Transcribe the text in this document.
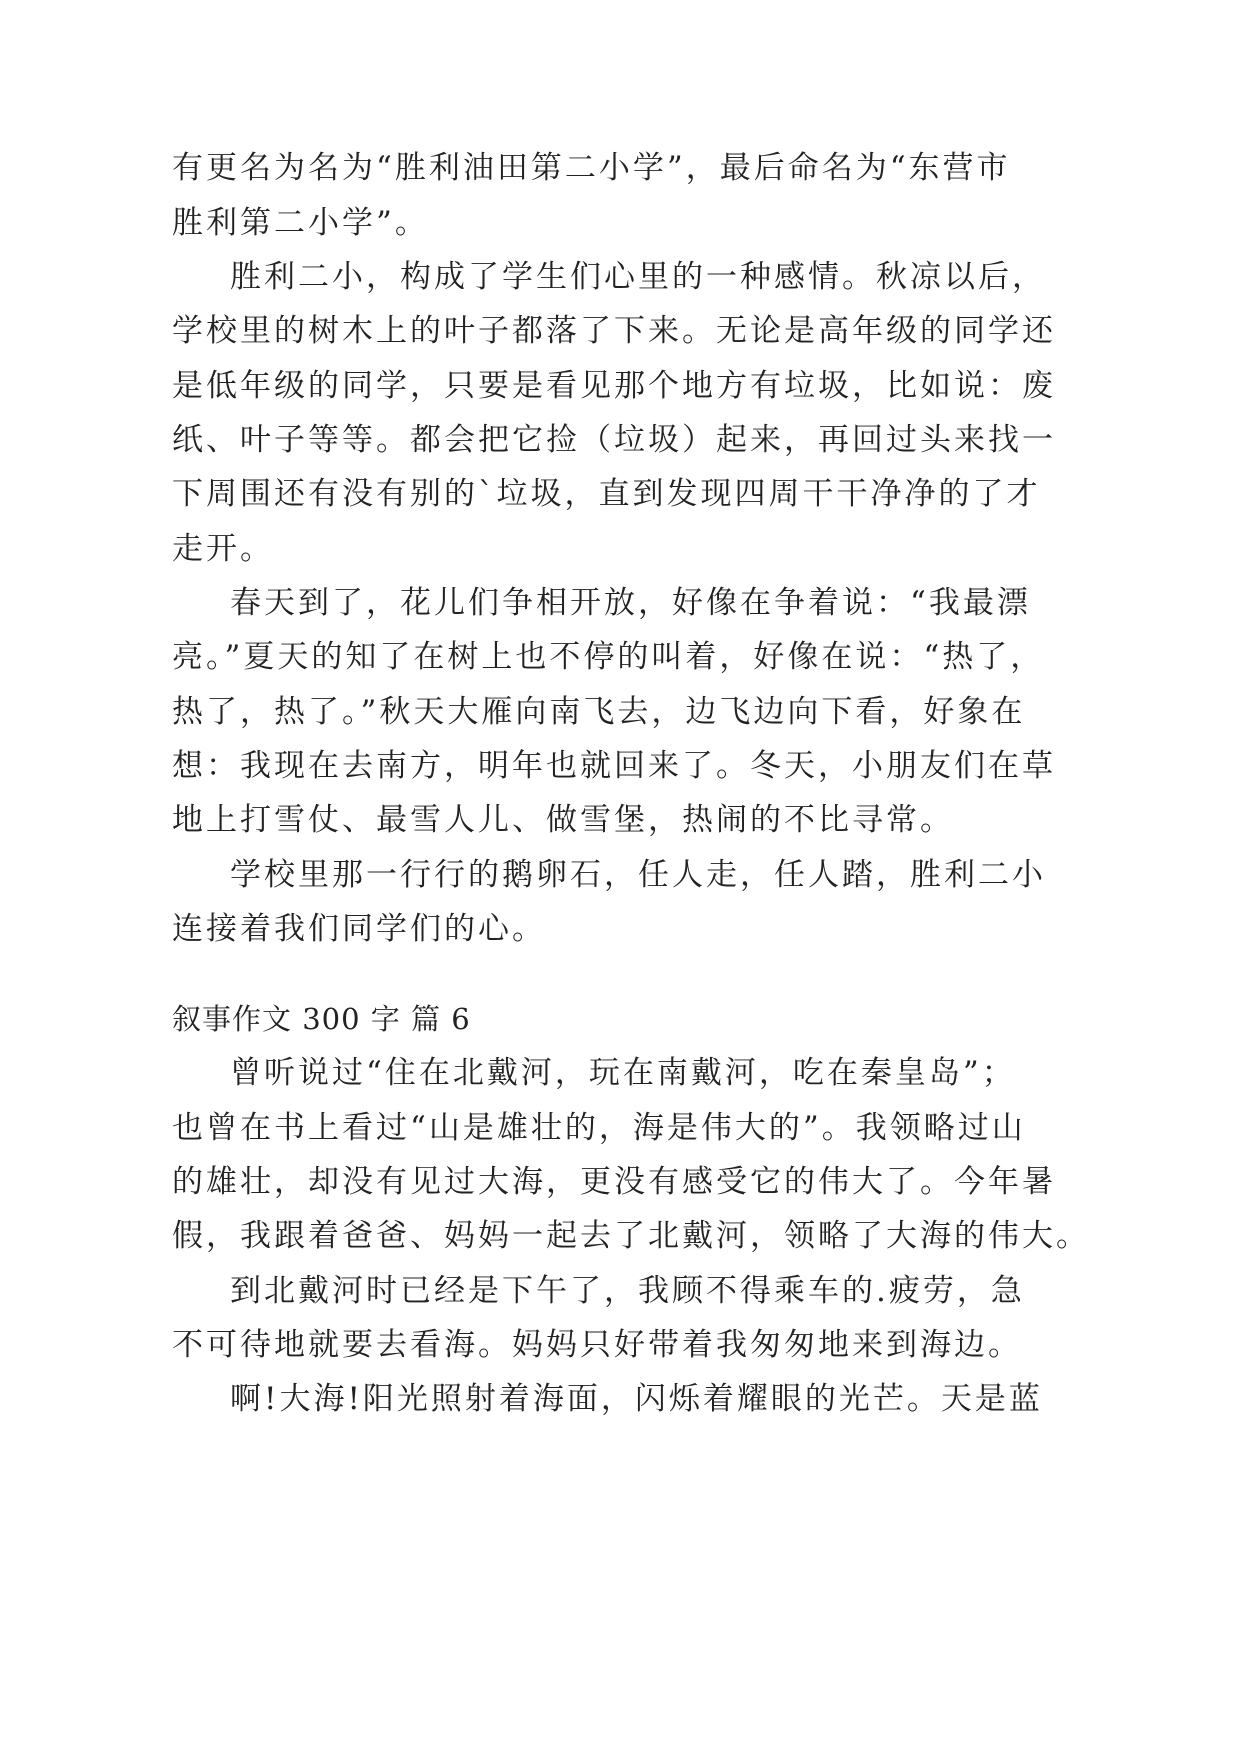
有更名为名为“胜利油田第二小学”，最后命名为“东营市
胜利第二小学”。
胜利二小，构成了学生们心里的一种感情。秋凉以后，
学校里的树木上的叶子都落了下来。无论是高年级的同学还
是低年级的同学，只要是看见那个地方有垃圾，比如说：废
纸、叶子等等。都会把它捡（垃圾）起来，再回过头来找一
下周围还有没有别的`垃圾，直到发现四周干干净净的了才
走开。
春天到了，花儿们争相开放，好像在争着说：“我最漂
亮。”夏天的知了在树上也不停的叫着，好像在说：“热了，
热了，热了。”秋天大雁向南飞去，边飞边向下看，好象在
想：我现在去南方，明年也就回来了。冬天，小朋友们在草
地上打雪仗、最雪人儿、做雪堡，热闹的不比寻常。
学校里那一行行的鹅卵石，任人走，任人踏，胜利二小
连接着我们同学们的心。
叙事作文 300 字 篇 6
曾听说过“住在北戴河，玩在南戴河，吃在秦皇岛”；
也曾在书上看过“山是雄壮的，海是伟大的”。我领略过山
的雄壮，却没有见过大海，更没有感受它的伟大了。今年暑
假，我跟着爸爸、妈妈一起去了北戴河，领略了大海的伟大。
到北戴河时已经是下午了，我顾不得乘车的.疲劳，急
不可待地就要去看海。妈妈只好带着我匆匆地来到海边。
啊!大海!阳光照射着海面，闪烁着耀眼的光芒。天是蓝
